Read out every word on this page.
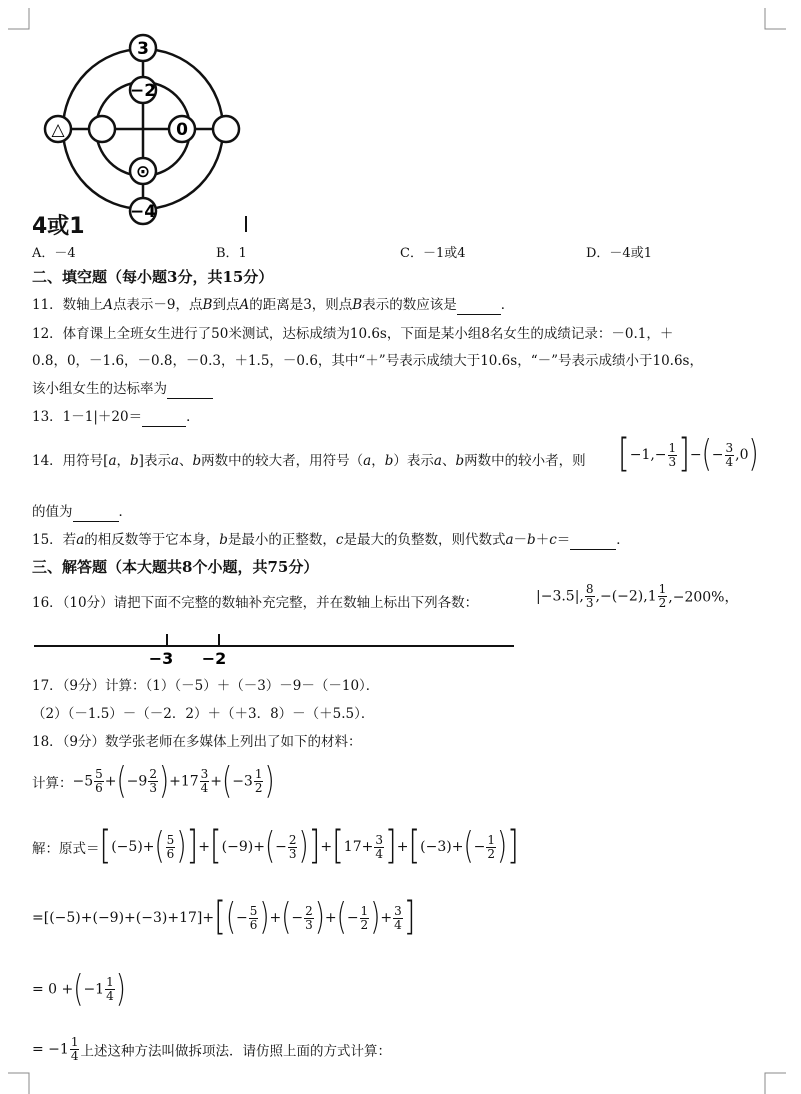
3
−2
△	0
⊙
−4
4或1
A．－4	B．1	C．－1或4	D．－4或1
二、填空题（每小题3分，共15分）
11．数轴上A点表示－9，点B到点A的距离是3，则点B表示的数应该是	．
12．体育课上全班女生进行了50米测试，达标成绩为10.6s，下面是某小组8名女生的成绩记录：－0.1，＋
0.8，0，－1.6，－0.8，－0.3，＋1.5，－0.6，其中“＋”号表示成绩大于10.6s，“－”号表示成绩小于10.6s，
该小组女生的达标率为
13．1－1|＋20＝	．
14．用符号[a，b]表示a、b两数中的较大者，用符号（a，b）表示a、b两数中的较小者，则 [$-1,- \frac{1}{3}$ ]−(− $\frac{3}{4} ,0$)
的值为	．
15．若a的相反数等于它本身，b是最小的正整数，c是最大的负整数，则代数式a－b＋c＝	．
三、解答题（本大题共8个小题，共75分）
16．（10分）请把下面不完整的数轴补充完整，并在数轴上标出下列各数：	|−3.5|, $\frac{8}{3} ,-(-2),1 \frac{1}{2} ,-200\%$，
−3 −2
17．（9分）计算：（1）（－5）＋（－3）－9－（－10）．
（2）（－1.5）－（－2．2）＋（＋3．8）－（＋5.5）．
18．（9分）数学张老师在多媒体上列出了如下的材料：
计算：$-5 \frac{5}{6} +(-9 \frac{2}{3} )+17 \frac{3}{4} +(-3 \frac{1}{2}$ )
解：原式$=[(-5)+( \frac{5}{6} )]+[(-9)+(- \frac{2}{3} )]+[17+ \frac{3}{4} ]+[(-3)+(- \frac{1}{2}$ )]
$=[(-5)+(-9)+(-3)+17]+[(- \frac{5}{6}$ )+(− $\frac{2}{3}$ )+(− $\frac{1}{2}$ )+ $\frac{3}{4}$ ]
= $0 +(-1 \frac{1}{4}$ )
= $-1 \frac{1}{4}$ 上述这种方法叫做拆项法．请仿照上面的方式计算：
